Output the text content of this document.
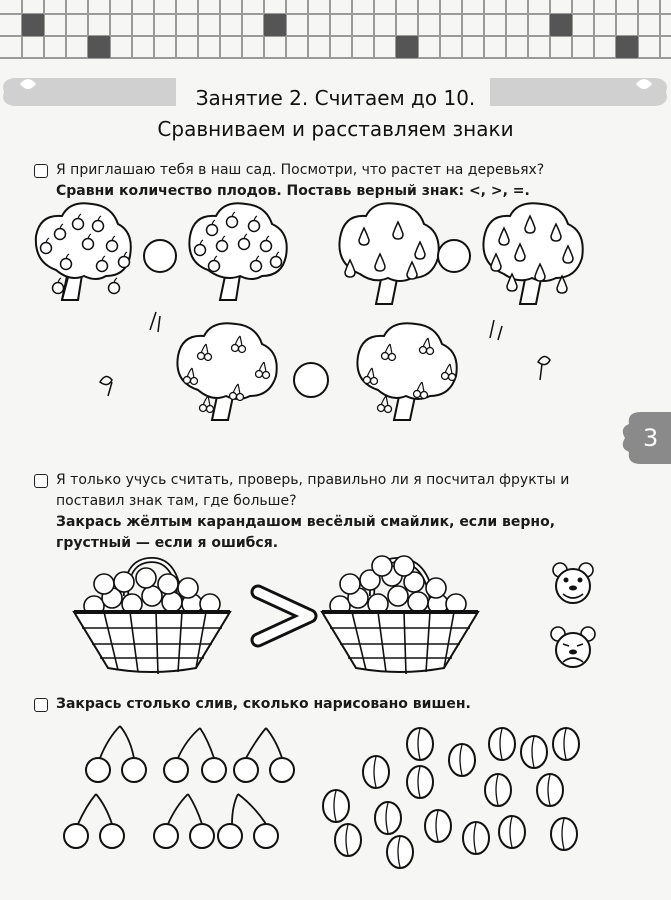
Занятие 2. Считаем до 10.
Сравниваем и расставляем знаки
Я приглашаю тебя в наш сад. Посмотри, что растет на деревьях?
Сравни количество плодов. Поставь верный знак: <, >, =.
Я только учусь считать, проверь, правильно ли я посчитал фрукты и
поставил знак там, где больше?
Закрась жёлтым карандашом весёлый смайлик, если верно,
грустный — если я ошибся.
Закрась столько слив, сколько нарисовано вишен.
3
